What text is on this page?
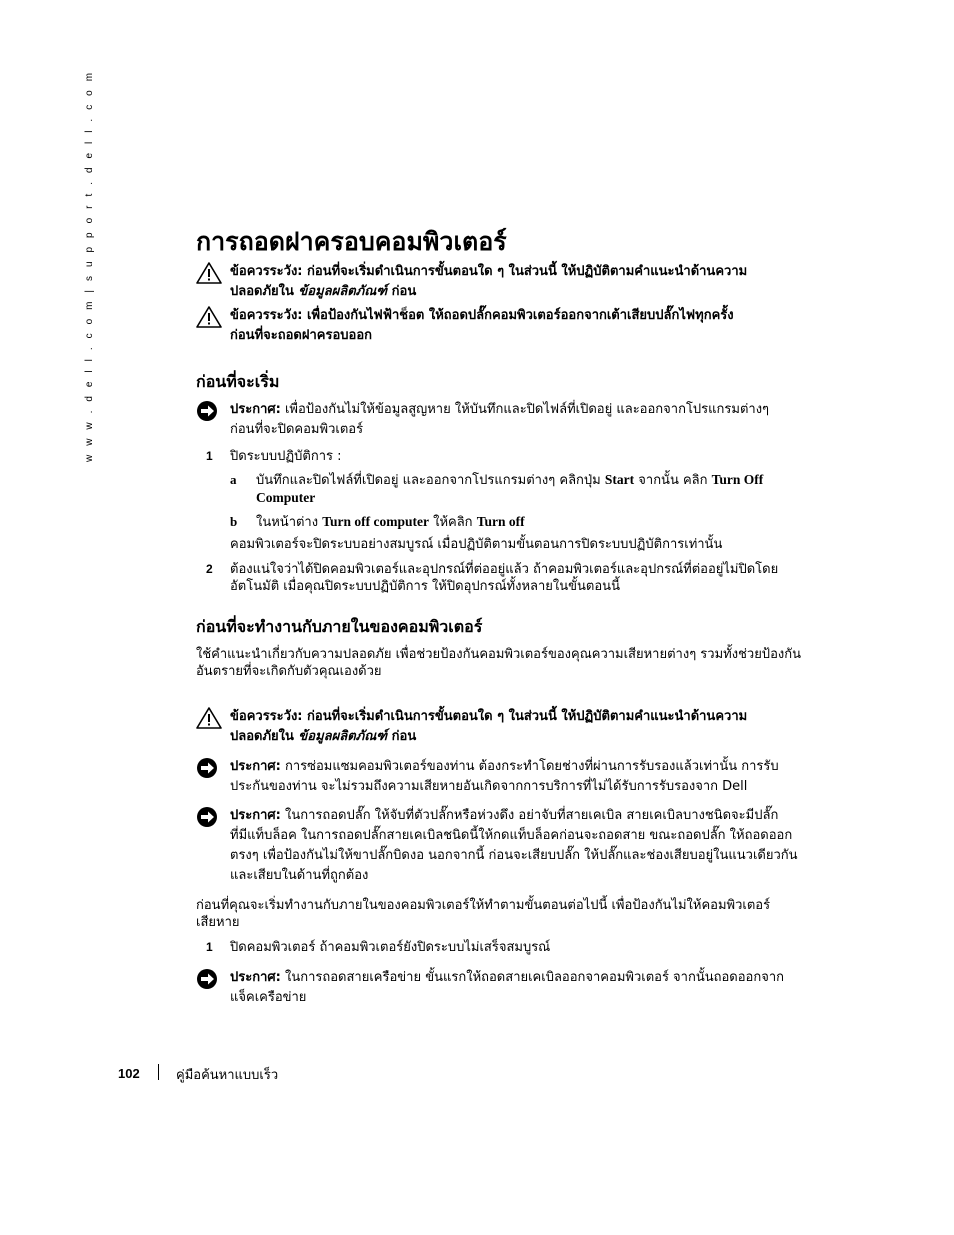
w w w . d e l l . c o m | s u p p o r t . d e l l . c o m	การถอดฝาครอบคอมพิวเตอร์
ข้อควรระวัง: ก่อนที่จะเริ่มดำเนินการขั้นตอนใด ๆ ในส่วนนี้ ให้ปฏิบัติตามคำแนะนำด้านความ
ปลอดภัยใน ข้อมูลผลิตภัณฑ์ ก่อน
ข้อควรระวัง: เพื่อป้องกันไฟฟ้าช็อต ให้ถอดปลั๊กคอมพิวเตอร์ออกจากเต้าเสียบปลั๊กไฟทุกครั้ง
ก่อนที่จะถอดฝาครอบออก
ก่อนที่จะเริ่ม
ประกาศ: เพื่อป้องกันไม่ให้ข้อมูลสูญหาย ให้บันทึกและปิดไฟล์ที่เปิดอยู่ และออกจากโปรแกรมต่างๆ
ก่อนที่จะปิดคอมพิวเตอร์
1 ปิดระบบปฏิบัติการ :
a บันทึกและปิดไฟล์ที่เปิดอยู่ และออกจากโปรแกรมต่างๆ คลิกปุ่ม Start จากนั้น คลิก Turn Off
Computer
b ในหน้าต่าง Turn off computer ให้คลิก Turn off
คอมพิวเตอร์จะปิดระบบอย่างสมบูรณ์ เมื่อปฏิบัติตามขั้นตอนการปิดระบบปฏิบัติการเท่านั้น
2 ต้องแน่ใจว่าได้ปิดคอมพิวเตอร์และอุปกรณ์ที่ต่ออยู่แล้ว ถ้าคอมพิวเตอร์และอุปกรณ์ที่ต่ออยู่ไม่ปิดโดย
อัตโนมัติ เมื่อคุณปิดระบบปฏิบัติการ ให้ปิดอุปกรณ์ทั้งหลายในขั้นตอนนี้
ก่อนที่จะทำงานกับภายในของคอมพิวเตอร์
ใช้คำแนะนำเกี่ยวกับความปลอดภัย เพื่อช่วยป้องกันคอมพิวเตอร์ของคุณความเสียหายต่างๆ รวมทั้งช่วยป้องกัน
อันตรายที่จะเกิดกับตัวคุณเองด้วย
ข้อควรระวัง: ก่อนที่จะเริ่มดำเนินการขั้นตอนใด ๆ ในส่วนนี้ ให้ปฏิบัติตามคำแนะนำด้านความ
ปลอดภัยใน ข้อมูลผลิตภัณฑ์ ก่อน
ประกาศ: การซ่อมแซมคอมพิวเตอร์ของท่าน ต้องกระทำโดยช่างที่ผ่านการรับรองแล้วเท่านั้น การรับ
ประกันของท่าน จะไม่รวมถึงความเสียหายอันเกิดจากการบริการที่ไม่ได้รับการรับรองจาก Dell
ประกาศ: ในการถอดปลั๊ก ให้จับที่ตัวปลั๊กหรือห่วงดึง อย่าจับที่สายเคเบิล สายเคเบิลบางชนิดจะมีปลั๊ก
ที่มีแท็บล็อค ในการถอดปลั๊กสายเคเบิลชนิดนี้ให้กดแท็บล็อคก่อนจะถอดสาย ขณะถอดปลั๊ก ให้ถอดออก
ตรงๆ เพื่อป้องกันไม่ให้ขาปลั๊กบิดงอ นอกจากนี้ ก่อนจะเสียบปลั๊ก ให้ปลั๊กและช่องเสียบอยู่ในแนวเดียวกัน
และเสียบในด้านที่ถูกต้อง
ก่อนที่คุณจะเริ่มทำงานกับภายในของคอมพิวเตอร์ให้ทำตามขั้นตอนต่อไปนี้ เพื่อป้องกันไม่ให้คอมพิวเตอร์
เสียหาย
1 ปิดคอมพิวเตอร์ ถ้าคอมพิวเตอร์ยังปิดระบบไม่เสร็จสมบูรณ์
ประกาศ: ในการถอดสายเครือข่าย ขั้นแรกให้ถอดสายเคเบิลออกจาคอมพิวเตอร์ จากนั้นถอดออกจาก
แจ็คเครือข่าย
102	คู่มือค้นหาแบบเร็ว
